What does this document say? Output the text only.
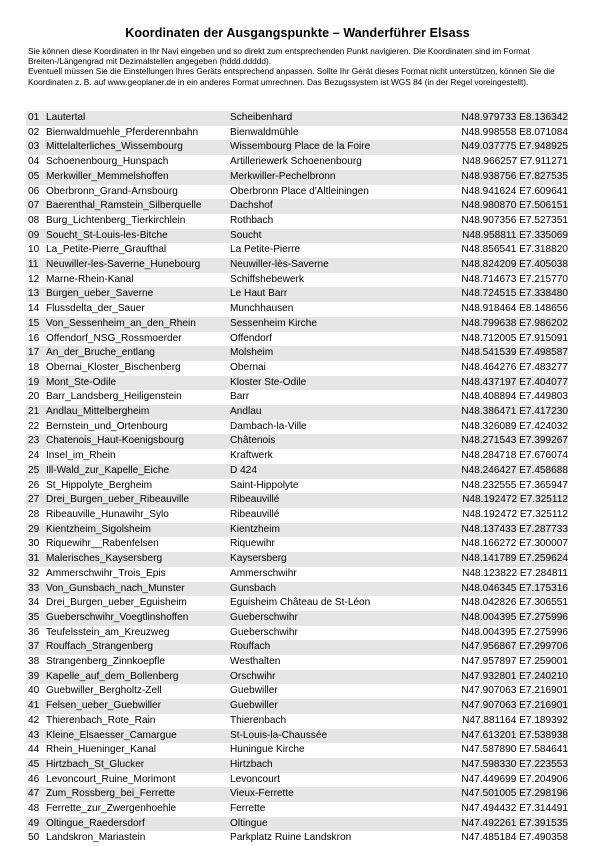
Koordinaten der Ausgangspunkte – Wanderführer Elsass

Sie können diese Koordinaten in Ihr Navi eingeben und so direkt zum entsprechenden Punkt navigieren. Die Koordinaten sind im Format Breiten-/Längengrad mit Dezimalstellen angegeben (hddd.ddddd).

Eventuell müssen Sie die Einstellungen Ihres Geräts entsprechend anpassen. Sollte Ihr Gerät dieses Format nicht unterstützen, können Sie die Koordinaten z. B. auf www.geoplaner.de in ein anderes Format umrechnen. Das Bezugssystem ist WGS 84 (in der Regel voreingestellt).

01	Lautertal	Scheibenhard	N48.979733 E8.136342
02	Bienwaldmuehle_Pferderennbahn	Bienwaldmühle	N48.998558 E8.071084
03	Mittelalterliches_Wissembourg	Wissembourg Place de la Foire	N49.037775 E7.948925
04	Schoenenbourg_Hunspach	Artilleriewerk Schoenenbourg	N48.966257 E7.911271
05	Merkwiller_Memmelshoffen	Merkwiller-Pechelbronn	N48.938756 E7.827535
06	Oberbronn_Grand-Arnsbourg	Oberbronn Place d'Altleiningen	N48.941624 E7.609641
07	Baerenthal_Ramstein_Silberquelle	Dachshof	N48.980870 E7.506151
08	Burg_Lichtenberg_Tierkirchlein	Rothbach	N48.907356 E7.527351
09	Soucht_St-Louis-les-Bitche	Soucht	N48.958811 E7.335069
10	La_Petite-Pierre_Graufthal	La Petite-Pierre	N48.856541 E7.318820
11	Neuwiller-les-Saverne_Hunebourg	Neuwiller-lès-Saverne	N48.824209 E7.405038
12	Marne-Rhein-Kanal	Schiffshebewerk	N48.714673 E7.215770
13	Burgen_ueber_Saverne	Le Haut Barr	N48.724515 E7.338480
14	Flussdelta_der_Sauer	Munchhausen	N48.918464 E8.148656
15	Von_Sessenheim_an_den_Rhein	Sessenheim Kirche	N48.799638 E7.986202
16	Offendorf_NSG_Rossmoerder	Offendorf	N48.712005 E7.915091
17	An_der_Bruche_entlang	Molsheim	N48.541539 E7.498587
18	Obernai_Kloster_Bischenberg	Obernai	N48.464276 E7.483277
19	Mont_Ste-Odile	Kloster Ste-Odile	N48.437197 E7.404077
20	Barr_Landsberg_Heiligenstein	Barr	N48.408894 E7.449803
21	Andlau_Mittelbergheim	Andlau	N48.386471 E7.417230
22	Bernstein_und_Ortenbourg	Dambach-la-Ville	N48.326089 E7.424032
23	Chatenois_Haut-Koenigsbourg	Châtenois	N48.271543 E7.399267
24	Insel_im_Rhein	Kraftwerk	N48.284718 E7.676074
25	Ill-Wald_zur_Kapelle_Eiche	D 424	N48.246427 E7.458688
26	St_Hippolyte_Bergheim	Saint-Hippolyte	N48.232555 E7.365947
27	Drei_Burgen_ueber_Ribeauville	Ribeauvillé	N48.192472 E7.325112
28	Ribeauville_Hunawihr_Sylo	Ribeauvillé	N48.192472 E7.325112
29	Kientzheim_Sigolsheim	Kientzheim	N48.137433 E7.287733
30	Riquewihr__Rabenfelsen	Riquewihr	N48.166272 E7.300007
31	Malerisches_Kaysersberg	Kaysersberg	N48.141789 E7.259624
32	Ammerschwihr_Trois_Epis	Ammerschwihr	N48.123822 E7.284811
33	Von_Gunsbach_nach_Munster	Gunsbach	N48.046345 E7.175316
34	Drei_Burgen_ueber_Eguisheim	Eguisheim Château de St-Léon	N48.042826 E7.306551
35	Gueberschwihr_Voegtlinshoffen	Gueberschwihr	N48.004395 E7.275996
36	Teufelsstein_am_Kreuzweg	Gueberschwihr	N48.004395 E7.275996
37	Rouffach_Strangenberg	Rouffach	N47.956867 E7.299706
38	Strangenberg_Zinnkoepfle	Westhalten	N47.957897 E7.259001
39	Kapelle_auf_dem_Bollenberg	Orschwihr	N47.932801 E7.240210
40	Guebwiller_Bergholtz-Zell	Guebwiller	N47.907063 E7.216901
41	Felsen_ueber_Guebwiller	Guebwiller	N47.907063 E7.216901
42	Thierenbach_Rote_Rain	Thierenbach	N47.881164 E7.189392
43	Kleine_Elsaesser_Camargue	St-Louis-la-Chaussée	N47.613201 E7.538938
44	Rhein_Hueninger_Kanal	Huningue Kirche	N47.587890 E7.584641
45	Hirtzbach_St_Glucker	Hirtzbach	N47.598330 E7.223553
46	Levoncourt_Ruine_Morimont	Levoncourt	N47.449699 E7.204906
47	Zum_Rossberg_bei_Ferrette	Vieux-Ferrette	N47.501005 E7.298196
48	Ferrette_zur_Zwergenhoehle	Ferrette	N47.494432 E7.314491
49	Oltingue_Raedersdorf	Oltingue	N47.492261 E7.391535
50	Landskron_Mariastein	Parkplatz Ruine Landskron	N47.485184 E7.490358
